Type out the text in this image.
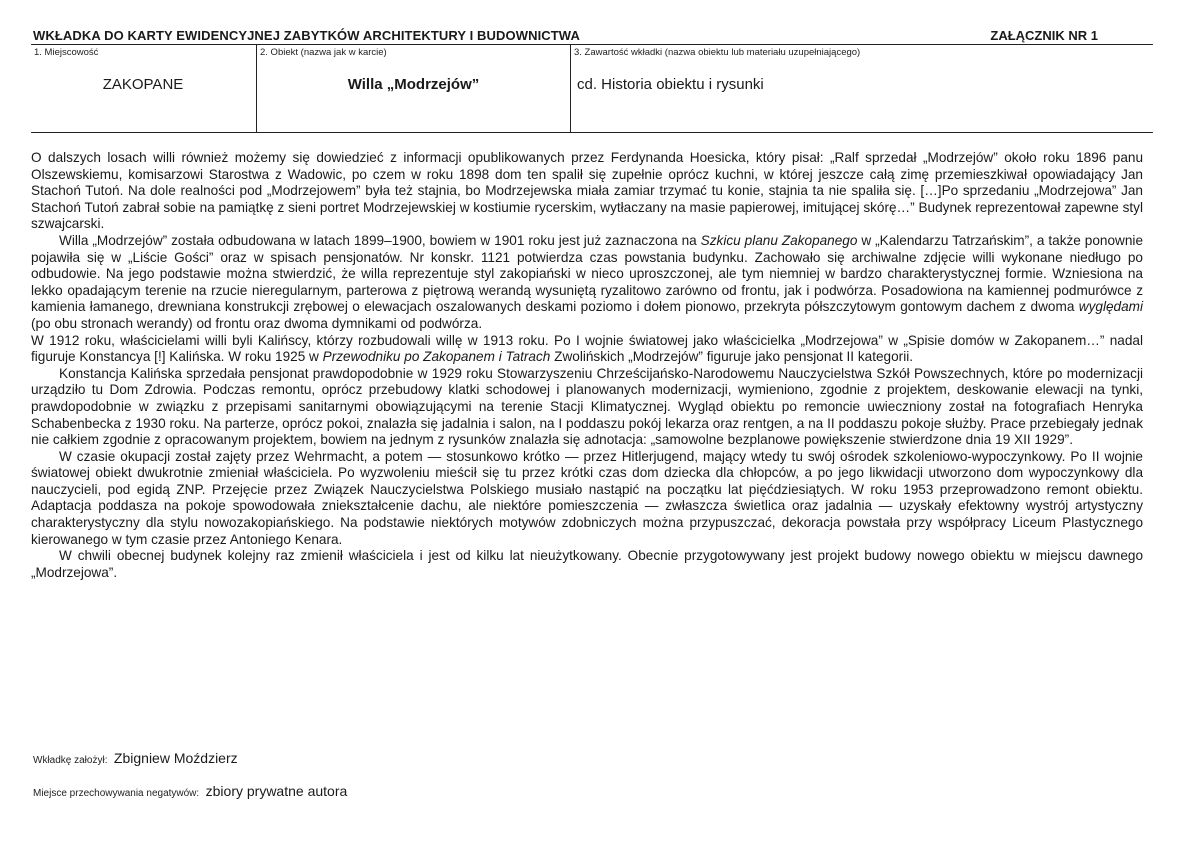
WKŁADKA DO KARTY EWIDENCYJNEJ ZABYTKÓW ARCHITEKTURY I BUDOWNICTWA	ZAŁĄCZNIK NR 1
1. Miejscowość
ZAKOPANE
2. Obiekt (nazwa jak w karcie)
Willa „Modrzejów”
3. Zawartość wkładki (nazwa obiektu lub materiału uzupełniającego)
cd. Historia obiektu i rysunki

O dalszych losach willi również możemy się dowiedzieć z informacji opublikowanych przez Ferdynanda Hoesicka, który pisał: „Ralf sprzedał „Modrzejów” około roku 1896 panu Olszewskiemu, komisarzowi Starostwa z Wadowic, po czem w roku 1898 dom ten spalił się zupełnie oprócz kuchni, w której jeszcze całą zimę przemieszkiwał opowiadający Jan Stachoń Tutoń. Na dole realności pod „Modrzejowem” była też stajnia, bo Modrzejewska miała zamiar trzymać tu konie, stajnia ta nie spaliła się. […]Po sprzedaniu „Modrzejowa” Jan Stachoń Tutoń zabrał sobie na pamiątkę z sieni portret Modrzejewskiej w kostiumie rycerskim, wytłaczany na masie papierowej, imitującej skórę…” Budynek reprezentował zapewne styl szwajcarski.

Willa „Modrzejów” została odbudowana w latach 1899–1900, bowiem w 1901 roku jest już zaznaczona na Szkicu planu Zakopanego w „Kalendarzu Tatrzańskim”, a także ponownie pojawiła się w „Liście Gości” oraz w spisach pensjonatów. Nr konskr. 1121 potwierdza czas powstania budynku. Zachowało się archiwalne zdjęcie willi wykonane niedługo po odbudowie. Na jego podstawie można stwierdzić, że willa reprezentuje styl zakopiański w nieco uproszczonej, ale tym niemniej w bardzo charakterystycznej formie. Wzniesiona na lekko opadającym terenie na rzucie nieregularnym, parterowa z piętrową werandą wysuniętą ryzalitowo zarówno od frontu, jak i podwórza. Posadowiona na kamiennej podmurówce z kamienia łamanego, drewniana konstrukcji zrębowej o elewacjach oszalowanych deskami poziomo i dołem pionowo, przekryta półszczytowym gontowym dachem z dwoma wyględami (po obu stronach werandy) od frontu oraz dwoma dymnikami od podwórza.

W 1912 roku, właścicielami willi byli Kalińscy, którzy rozbudowali willę w 1913 roku. Po I wojnie światowej jako właścicielka „Modrzejowa” w „Spisie domów w Zakopanem…” nadal figuruje Konstancya [!] Kalińska. W roku 1925 w Przewodniku po Zakopanem i Tatrach Zwolińskich „Modrzejów” figuruje jako pensjonat II kategorii.

Konstancja Kalińska sprzedała pensjonat prawdopodobnie w 1929 roku Stowarzyszeniu Chrześcijańsko-Narodowemu Nauczycielstwa Szkół Powszechnych, które po modernizacji urządziło tu Dom Zdrowia. Podczas remontu, oprócz przebudowy klatki schodowej i planowanych modernizacji, wymieniono, zgodnie z projektem, deskowanie elewacji na tynki, prawdopodobnie w związku z przepisami sanitarnymi obowiązującymi na terenie Stacji Klimatycznej. Wygląd obiektu po remoncie uwieczniony został na fotografiach Henryka Schabenbecka z 1930 roku. Na parterze, oprócz pokoi, znalazła się jadalnia i salon, na I poddaszu pokój lekarza oraz rentgen, a na II poddaszu pokoje służby. Prace przebiegały jednak nie całkiem zgodnie z opracowanym projektem, bowiem na jednym z rysunków znalazła się adnotacja: „samowolne bezplanowe powiększenie stwierdzone dnia 19 XII 1929”.

W czasie okupacji został zajęty przez Wehrmacht, a potem — stosunkowo krótko — przez Hitlerjugend, mający wtedy tu swój ośrodek szkoleniowo-wypoczynkowy. Po II wojnie światowej obiekt dwukrotnie zmieniał właściciela. Po wyzwoleniu mieścił się tu przez krótki czas dom dziecka dla chłopców, a po jego likwidacji utworzono dom wypoczynkowy dla nauczycieli, pod egidą ZNP. Przejęcie przez Związek Nauczycielstwa Polskiego musiało nastąpić na początku lat pięćdziesiątych. W roku 1953 przeprowadzono remont obiektu. Adaptacja poddasza na pokoje spowodowała zniekształcenie dachu, ale niektóre pomieszczenia — zwłaszcza świetlica oraz jadalnia — uzyskały efektowny wystrój artystyczny charakterystyczny dla stylu nowozakopiańskiego. Na podstawie niektórych motywów zdobniczych można przypuszczać, dekoracja powstała przy współpracy Liceum Plastycznego kierowanego w tym czasie przez Antoniego Kenara.

W chwili obecnej budynek kolejny raz zmienił właściciela i jest od kilku lat nieużytkowany. Obecnie przygotowywany jest projekt budowy nowego obiektu w miejscu dawnego „Modrzejowa”.

Wkładkę założył: Zbigniew Moździerz
Miejsce przechowywania negatywów: zbiory prywatne autora
